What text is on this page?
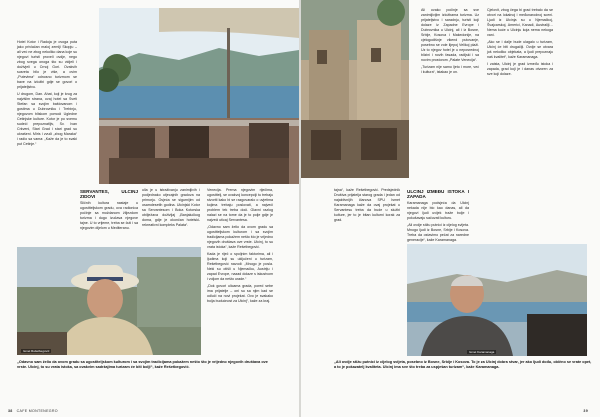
Ismet Rešetbegović

Hotel Kotor i Radoja je ovoga puta jako privlačan maloj zemlji Skopju – ali već ne zbog nekoliko dana koje su njegovi turisti proveli ovdje, nego zbog svega onoga što su vidjeli i doživjeli u Crnoj Gori. Ovakvih susreta bilo je više, a ovim „Putevima“ odnosno turizmom se bave na izložbi gdje se govori o prijateljstvu.

U drugom, Dan. Ahat, koji je krug za najvišim strana, ovaj hotel sa Sveti Stefan sa svojim baštovanom i gostima u Dubrovniku i Trebinju, njegovom bliskom pomoći Ugledne Cetinjske kulture. Kotor je po svemu sudeći prepoznatljiv, Sv. Ivan Crkveni, Stari Grad i stari grad su ukrašeni. Miris i zvuči „zbog Maraka“ i radio sa vama: „Kaže da je to svaki put Cetinje.“

SERVANTES, ULCINJ ZIDOVI

Sličnih kultura nastaje u ugostiteljskom gradu, ova radionica počinje sa moždanom žlijezdom turizma i dugo izučava njegove tajne. U to vrijeme, treba se čuti i sa njegovim dijelom u Mediteranu.

ulla je u istraživanju zanimljivih i podjednako utjecajnih gradova na primorju. Osjeća se sigurnijim od osamdesetih godina. Ulcinjski Kotor sa Servantesom i Boka Kotorska obilježava doživljaj „Banjalučkog doma, gdje je okončan hotelski-rekreativni kompleks Palata“.

Venecija. Prema njegovim riječima, ugostitelj, se ovakvoj koncepciji tu trebaju stvoriti kako bi se razgovaralo o uvjetima kojima trebaju poslovati, a najveći problem tek treba doći. Glavni razlog nalazi se na tome da je to polje gdje je najveći uticaj Servantesa.

„Odavno sam želio da ovom gradu sa ugostiteljskom kulturom i sa svojim tradicijama pokažem nešto što je vrijedno njegovih društava ove vrste. Ulcinj, to su vrata istoka“, kaže Rešetbegović.

Kada je riječ o spoljnim faktorima, ali i ljudima koji su uključeni u turizam, Rešetbegović navodi: „Mnogo je posla. Neki su otišli u Njemačku, Austriju i zapad Evrope, nazad dolaze s iskustvom i voljom da nešto urade.“

„Dok govori ulicama grada, pored sebe ima prijatelje – oni su sa njim kad se odluči na novi projekat. Ovo je svakako bolja budućnost za Ulcinj“, kaže za kraj.

„Odavno sam želio da ovom gradu sa ugostiteljskom kulturom i sa svojim tradicijama pokažem nešto što je vrijedno njegovih društava ove vrste. Ulcinj, to su vrata istoka, sa ovakvim sadržajima turizam će biti bolji“, kaže Rešetbegović.
38 CAFE MONTENEGRO
Ismet Karamanaga

Ali ovako počinje sa sve zanimljivijim izložbama turizma. Uz prijateljstvo i saradnju, turisti koji dolaze iz Zapadne Evrope i Dubrovnika u Ulcinj, ali i iz Bosne, Srbije, Kosova i Makedonije, na cjelogodišnje vikend putovanje, posebno se vole lijepoj Velikoj plaži. Uz to njegov hotel je u neposrednoj blizini i novih fasada, radijski i sa novim prostorom „Palate Venecija“.

„Turizam nije samo ljeto i more, već i kultura“, istakao je on.

tajna“, kaže Rešetbegović. Predsjednik Društva prijatelja starog grada i jedan od najaktivnijih članova SPU Ismet Karamanaga kaže da ovaj projekat u Servantesu treba da bude u službi kulture, jer to je bitan kulturni korak za grad.

ULCINJ IZMEĐU ISTOKA I ZAPADA

Karamanaga podsjeća da Ulcinj nekada nije bio kao danas, ali da njegovi ljudi uvijek traže bolje i pokušavaju sačuvati kulturu.

„Ali ovdje stižu putnici iz cijelog svijeta. Mnogo ljudi iz Bosne, Srbije i Kosova. Treba da ostavimo pečat za naredne generacije“, kaže Karamanaga.

Cjelovit, zbog čega bi grad trebalo da se otvori na lokalnoj i međunarodnoj sceni. Ljudi iz Ulcinja su u Njemačkoj, Švajcarskoj, Americi, Kanadi, Australiji… Nema kuće u Ulcinju koja nema nekoga vani.

„Ako se i dalje bude ulagalo u turizam, Ulcinj će biti drugačiji. Ovdje se otvara još nekoliko objekata, a ljudi prepoznaju naš kvalitet“, kaže Karamanaga.

I zaista, Ulcinj je grad između istoka i zapada, grad koji je i danas otvoren za sve koji dolaze.

„Ali ovdje stižu putnici iz cijelog svijeta, posebno iz Bosne, Srbije i Kosova. To je za Ulcinj dobra stvar, jer ako ljudi dođu, obično se vrate opet, a to je pokazatelj kvaliteta. Ulcinj ima sve što treba za uspješan turizam“, kaže Karamanaga.
39
